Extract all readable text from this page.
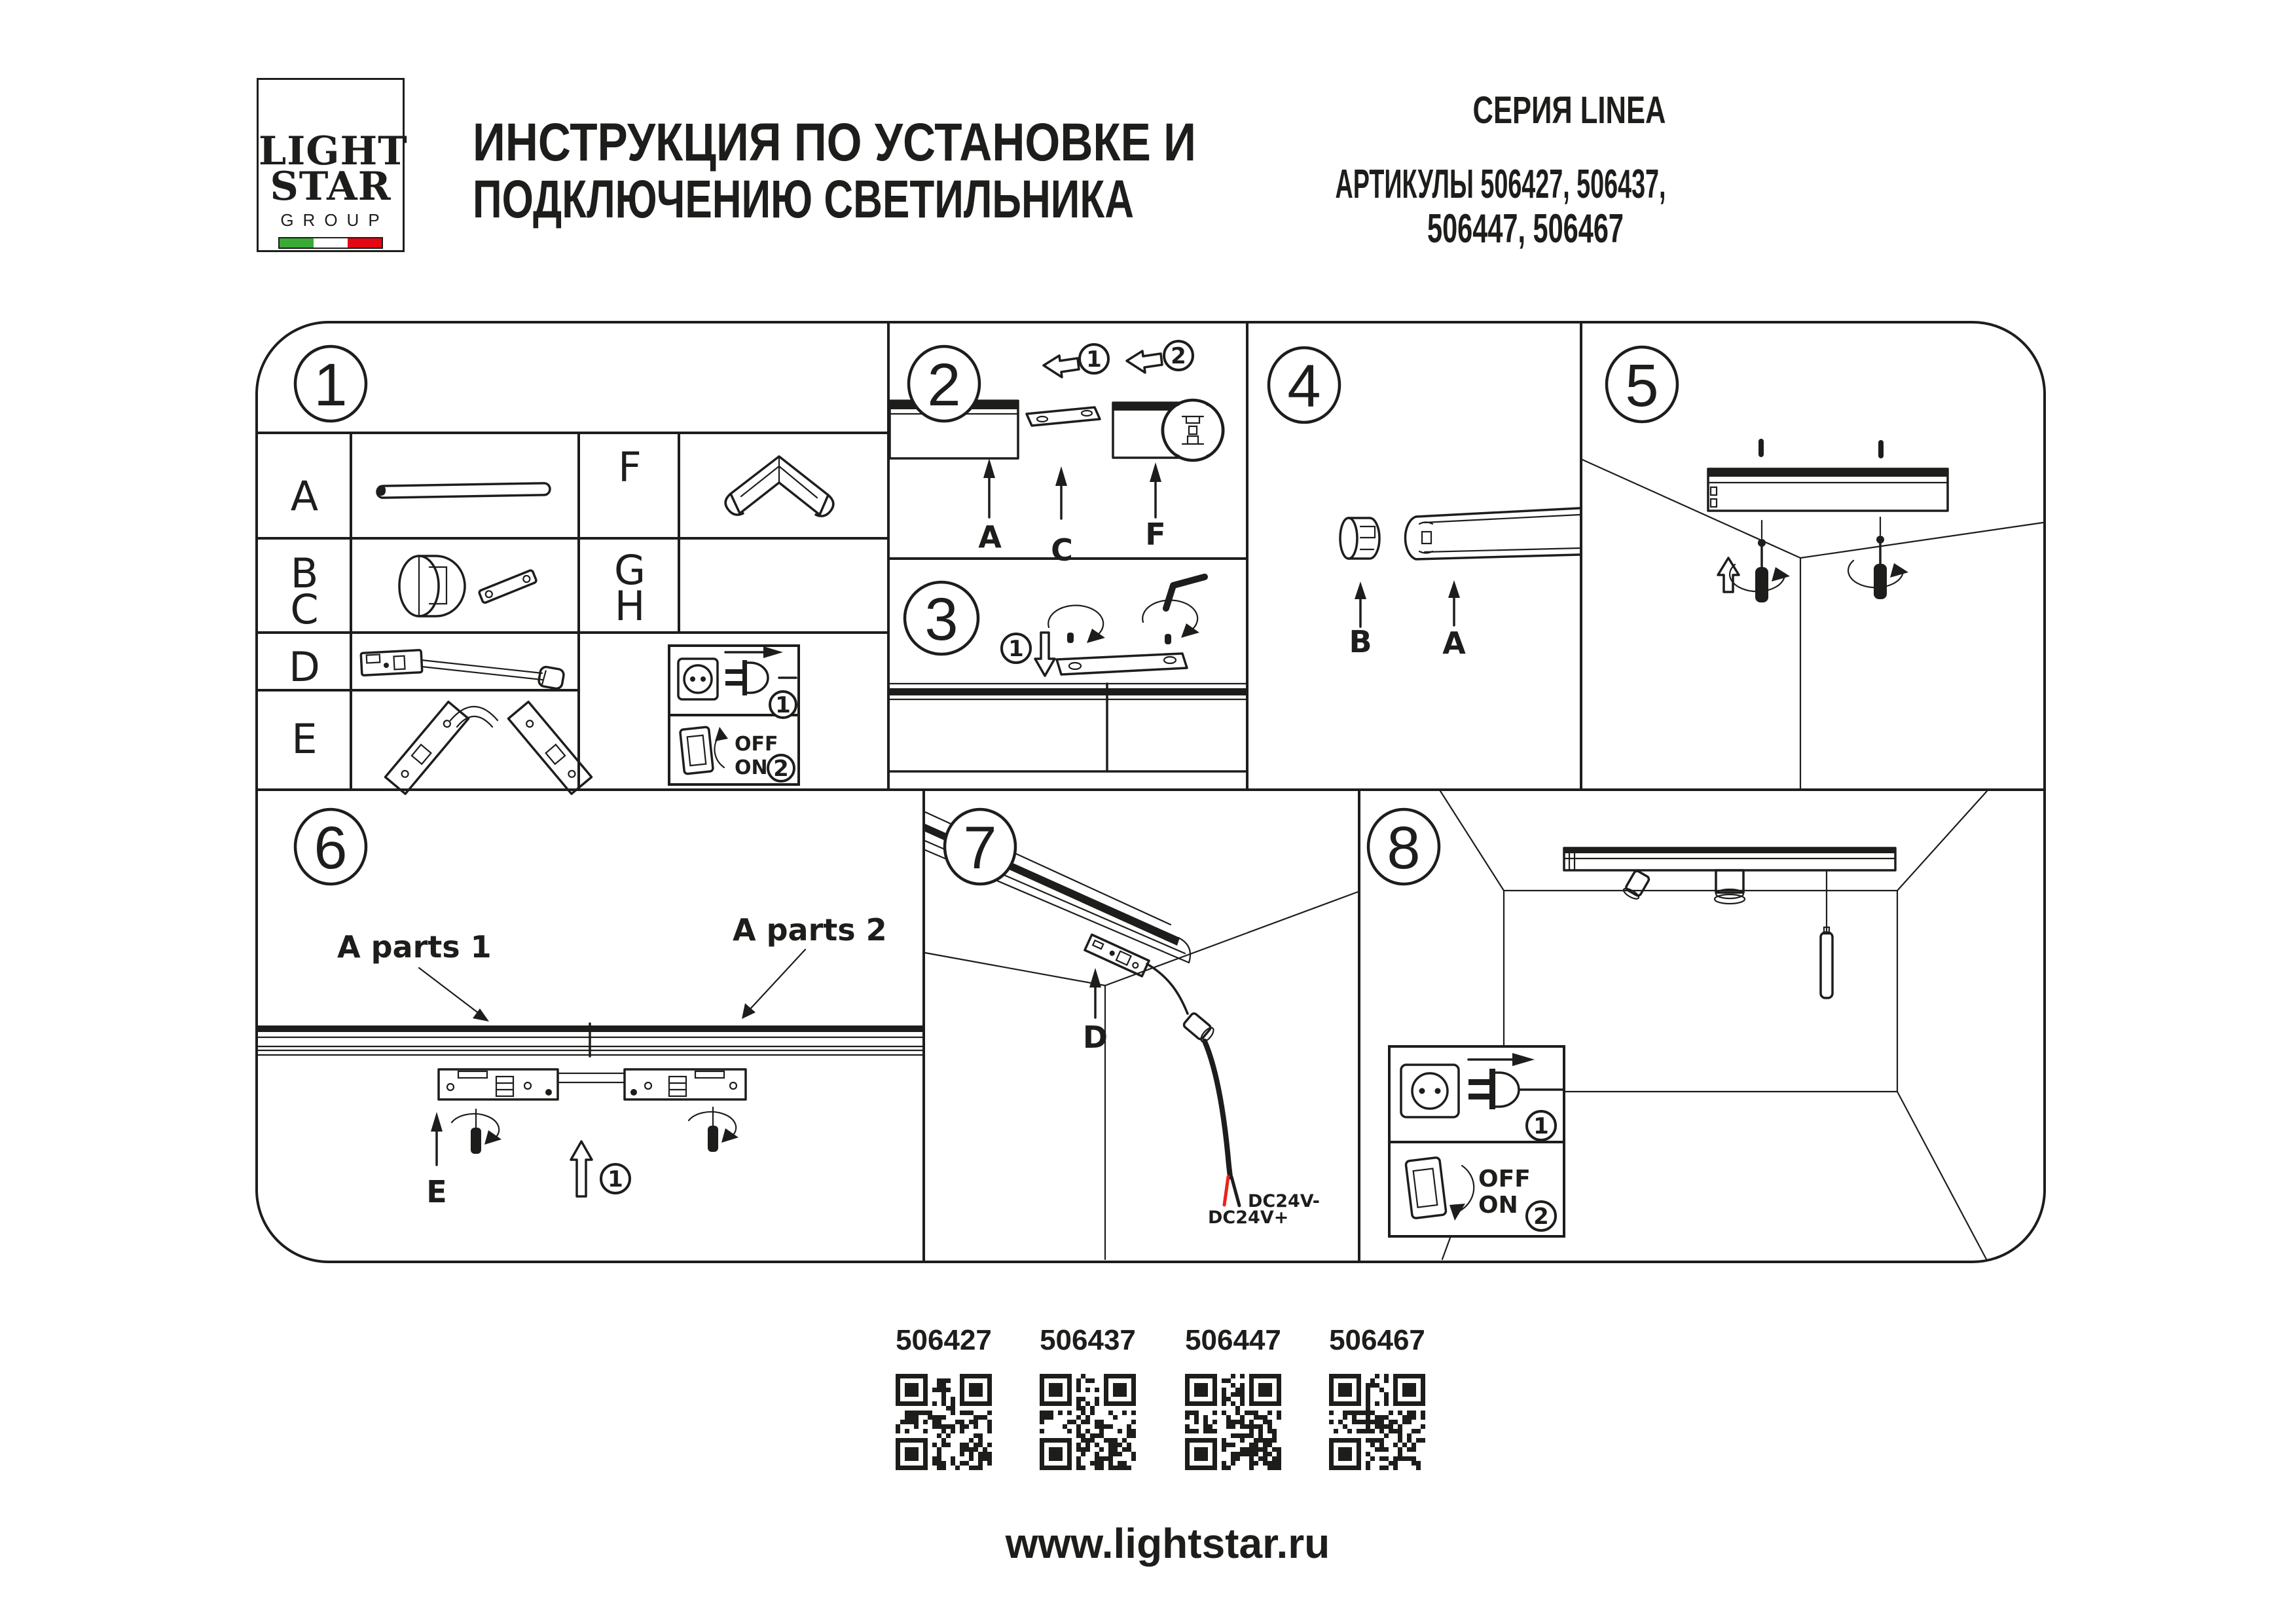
LIGHT
STAR
GROUP
ИНСТРУКЦИЯ ПО УСТАНОВКЕ И
ПОДКЛЮЧЕНИЮ СВЕТИЛЬНИКА
СЕРИЯ LINEA
АРТИКУЛЫ 506427, 506437,
506447, 506467
A
B
C
D
E
F
G
H
1
OFF
ON 2
1	2
A C F
1	B A
A parts 1	A parts 2
E	1
D
DC24V-
DC24V+
1
OFF
ON 2
1	2
3
4	5
6	7	8
506427 506437 506447 506467
www.lightstar.ru
